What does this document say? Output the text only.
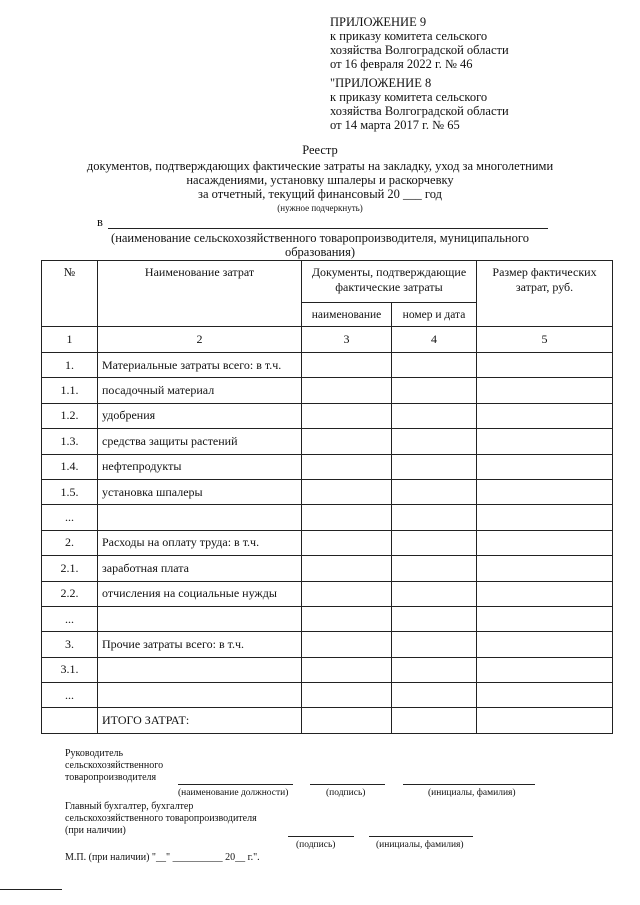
ПРИЛОЖЕНИЕ 9
к приказу комитета сельского
хозяйства Волгоградской области
от 16 февраля 2022 г. № 46
"ПРИЛОЖЕНИЕ 8
к приказу комитета сельского
хозяйства Волгоградской области
от 14 марта 2017 г. № 65
Реестр
документов, подтверждающих фактические затраты на закладку, уход за многолетними
насаждениями, установку шпалеры и раскорчевку
за отчетный, текущий финансовый 20 ___ год
(нужное подчеркнуть)
в
(наименование сельскохозяйственного товаропроизводителя, муниципального
образования)
№	Наименование затрат	Документы, подтверждающие фактические затраты		Размер фактических затрат, руб.
		наименование	номер и дата	
1	2	3	4	5
1.	Материальные затраты всего: в т.ч.			
1.1.	посадочный материал			
1.2.	удобрения			
1.3.	средства защиты растений			
1.4.	нефтепродукты			
1.5.	установка шпалеры			
...				
2.	Расходы на оплату труда: в т.ч.			
2.1.	заработная плата			
2.2.	отчисления на социальные нужды			
...				
3.	Прочие затраты всего: в т.ч.			
3.1.				
...				
	ИТОГО ЗАТРАТ:			
Руководитель
сельскохозяйственного
товаропроизводителя
(наименование должности)	(подпись)	(инициалы, фамилия)
Главный бухгалтер, бухгалтер
сельскохозяйственного товаропроизводителя
(при наличии)
(подпись)	(инициалы, фамилия)
М.П. (при наличии) "__" __________ 20__ г.".
